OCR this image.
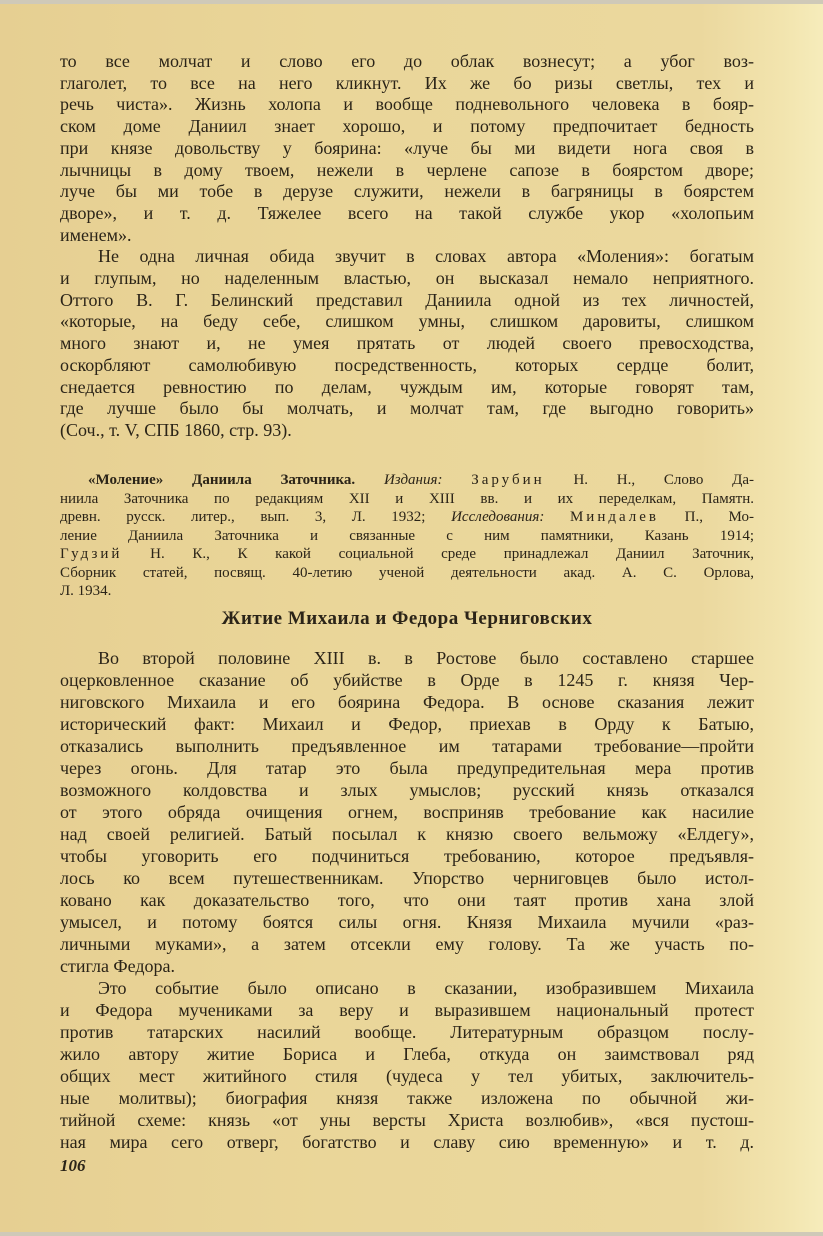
то все молчат и слово его до облак вознесут; а убог воз-
глаголет, то все на него кликнут. Их же бо ризы светлы, тех и
речь чиста». Жизнь холопа и вообще подневольного человека в бояр-
ском доме Даниил знает хорошо, и потому предпочитает бедность
при князе довольству у боярина: «луче бы ми видети нога своя в
лычницы в дому твоем, нежели в черлене сапозе в боярстом дворе;
луче бы ми тобе в дерузе служити, нежели в багряницы в боярстем
дворе», и т. д. Тяжелее всего на такой службе укор «холопьим
именем».
Не одна личная обида звучит в словах автора «Моления»: богатым
и глупым, но наделенным властью, он высказал немало неприятного.
Оттого В. Г. Белинский представил Даниила одной из тех личностей,
«которые, на беду себе, слишком умны, слишком даровиты, слишком
много знают и, не умея прятать от людей своего превосходства,
оскорбляют самолюбивую посредственность, которых сердце болит,
снедается ревностию по делам, чуждым им, которые говорят там,
где лучше было бы молчать, и молчат там, где выгодно говорить»
(Соч., т. V, СПБ 1860, стр. 93).
«Моление» Даниила Заточника. Издания: Зарубин Н. Н., Слово Да-
ниила Заточника по редакциям XII и XIII вв. и их переделкам, Памятн.
древн. русск. литер., вып. 3, Л. 1932; Исследования: Миндалев П., Мо-
ление Даниила Заточника и связанные с ним памятники, Казань 1914;
Гудзий Н. К., К какой социальной среде принадлежал Даниил Заточник,
Сборник статей, посвящ. 40-летию ученой деятельности акад. А. С. Орлова,
Л. 1934.
Житие Михаила и Федора Черниговских
Во второй половине XIII в. в Ростове было составлено старшее
оцерковленное сказание об убийстве в Орде в 1245 г. князя Чер-
ниговского Михаила и его боярина Федора. В основе сказания лежит
исторический факт: Михаил и Федор, приехав в Орду к Батыю,
отказались выполнить предъявленное им татарами требование—пройти
через огонь. Для татар это была предупредительная мера против
возможного колдовства и злых умыслов; русский князь отказался
от этого обряда очищения огнем, восприняв требование как насилие
над своей религией. Батый посылал к князю своего вельможу «Елдегу»,
чтобы уговорить его подчиниться требованию, которое предъявля-
лось ко всем путешественникам. Упорство черниговцев было истол-
ковано как доказательство того, что они таят против хана злой
умысел, и потому боятся силы огня. Князя Михаила мучили «раз-
личными муками», а затем отсекли ему голову. Та же участь по-
стигла Федора.
Это событие было описано в сказании, изобразившем Михаила
и Федора мучениками за веру и выразившем национальный протест
против татарских насилий вообще. Литературным образцом послу-
жило автору житие Бориса и Глеба, откуда он заимствовал ряд
общих мест житийного стиля (чудеса у тел убитых, заключитель-
ные молитвы); биография князя также изложена по обычной жи-
тийной схеме: князь «от уны версты Христа возлюбив», «вся пустош-
ная мира сего отверг, богатство и славу сию временную» и т. д.
106
